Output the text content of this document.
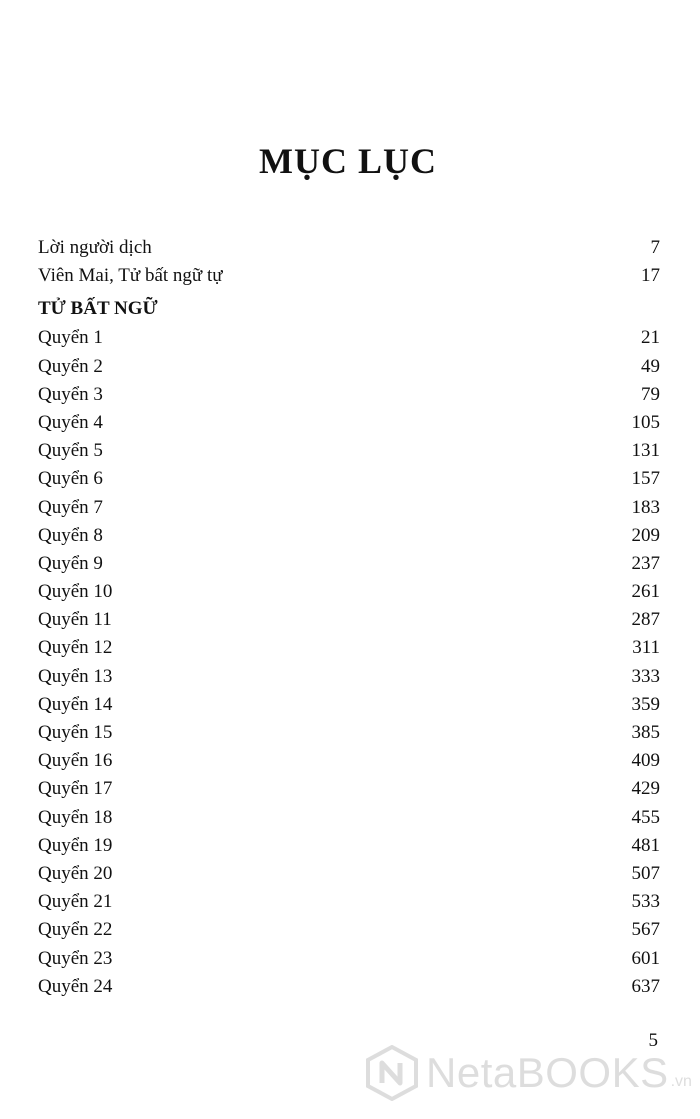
MỤC LỤC
Lời người dịch	7
Viên Mai, Tử bất ngữ tự	17
TỬ BẤT NGỮ
Quyển 1	21
Quyển 2	49
Quyển 3	79
Quyển 4	105
Quyển 5	131
Quyển 6	157
Quyển 7	183
Quyển 8	209
Quyển 9	237
Quyển 10	261
Quyển 11	287
Quyển 12	311
Quyển 13	333
Quyển 14	359
Quyển 15	385
Quyển 16	409
Quyển 17	429
Quyển 18	455
Quyển 19	481
Quyển 20	507
Quyển 21	533
Quyển 22	567
Quyển 23	601
Quyển 24	637
5
NetaBOOKS .vn
